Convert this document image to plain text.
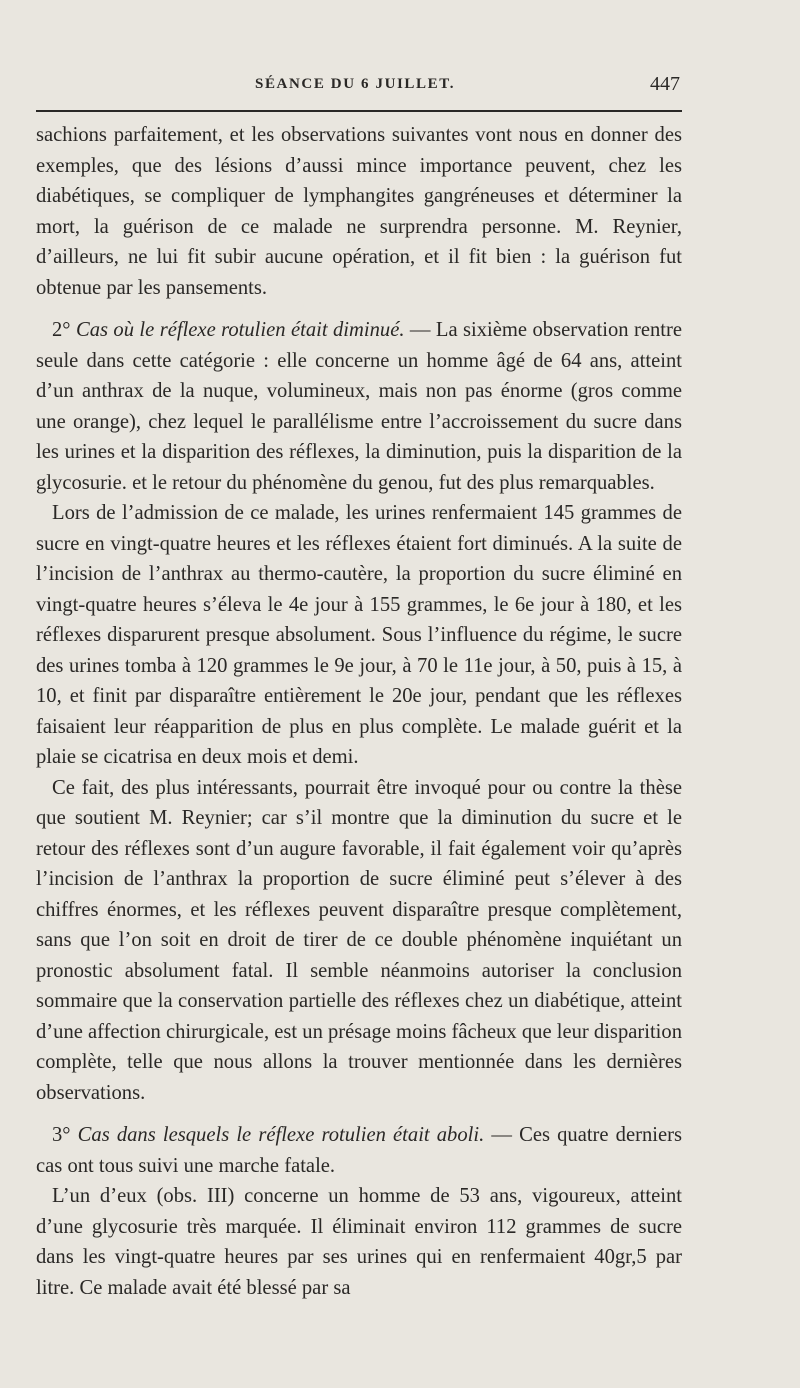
SÉANCE DU 6 JUILLET.	447

sachions parfaitement, et les observations suivantes vont nous en donner des exemples, que des lésions d’aussi mince importance peuvent, chez les diabétiques, se compliquer de lymphangites gangréneuses et déterminer la mort, la guérison de ce malade ne surprendra personne. M. Reynier, d’ailleurs, ne lui fit subir aucune opération, et il fit bien : la guérison fut obtenue par les pansements.

2° Cas où le réflexe rotulien était diminué. — La sixième observation rentre seule dans cette catégorie : elle concerne un homme âgé de 64 ans, atteint d’un anthrax de la nuque, volumineux, mais non pas énorme (gros comme une orange), chez lequel le parallélisme entre l’accroissement du sucre dans les urines et la disparition des réflexes, la diminution, puis la disparition de la glycosurie. et le retour du phénomène du genou, fut des plus remarquables.

Lors de l’admission de ce malade, les urines renfermaient 145 grammes de sucre en vingt-quatre heures et les réflexes étaient fort diminués. A la suite de l’incision de l’anthrax au thermo-cautère, la proportion du sucre éliminé en vingt-quatre heures s’éleva le 4e jour à 155 grammes, le 6e jour à 180, et les réflexes disparurent presque absolument. Sous l’influence du régime, le sucre des urines tomba à 120 grammes le 9e jour, à 70 le 11e jour, à 50, puis à 15, à 10, et finit par disparaître entièrement le 20e jour, pendant que les réflexes faisaient leur réapparition de plus en plus complète. Le malade guérit et la plaie se cicatrisa en deux mois et demi.

Ce fait, des plus intéressants, pourrait être invoqué pour ou contre la thèse que soutient M. Reynier; car s’il montre que la diminution du sucre et le retour des réflexes sont d’un augure favorable, il fait également voir qu’après l’incision de l’anthrax la proportion de sucre éliminé peut s’élever à des chiffres énormes, et les réflexes peuvent disparaître presque complètement, sans que l’on soit en droit de tirer de ce double phénomène inquiétant un pronostic absolument fatal. Il semble néanmoins autoriser la conclusion sommaire que la conservation partielle des réflexes chez un diabétique, atteint d’une affection chirurgicale, est un présage moins fâcheux que leur disparition complète, telle que nous allons la trouver mentionnée dans les dernières observations.

3° Cas dans lesquels le réflexe rotulien était aboli. — Ces quatre derniers cas ont tous suivi une marche fatale.

L’un d’eux (obs. III) concerne un homme de 53 ans, vigoureux, atteint d’une glycosurie très marquée. Il éliminait environ 112 grammes de sucre dans les vingt-quatre heures par ses urines qui en renfermaient 40gr,5 par litre. Ce malade avait été blessé par sa
